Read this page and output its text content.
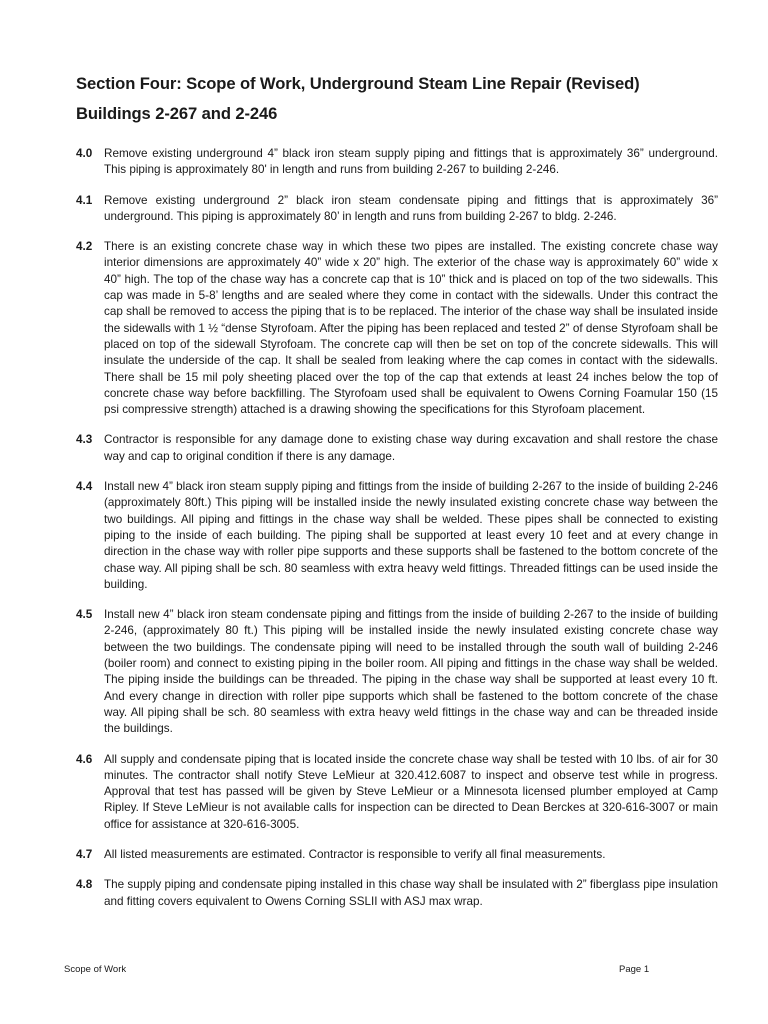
Section Four: Scope of Work, Underground Steam Line Repair (Revised)
Buildings 2-267 and 2-246
4.0	Remove existing underground 4” black iron steam supply piping and fittings that is approximately 36” underground. This piping is approximately 80' in length and runs from building 2-267 to building 2-246.
4.1	Remove existing underground 2” black iron steam condensate piping and fittings that is approximately 36” underground. This piping is approximately 80’ in length and runs from building 2-267 to bldg. 2-246.
4.2	There is an existing concrete chase way in which these two pipes are installed. The existing concrete chase way interior dimensions are approximately 40” wide x 20” high. The exterior of the chase way is approximately 60” wide x 40” high. The top of the chase way has a concrete cap that is 10” thick and is placed on top of the two sidewalls. This cap was made in 5-8’ lengths and are sealed where they come in contact with the sidewalls. Under this contract the cap shall be removed to access the piping that is to be replaced. The interior of the chase way shall be insulated inside the sidewalls with 1 ½ “dense Styrofoam. After the piping has been replaced and tested 2” of dense Styrofoam shall be placed on top of the sidewall Styrofoam. The concrete cap will then be set on top of the concrete sidewalls. This will insulate the underside of the cap. It shall be sealed from leaking where the cap comes in contact with the sidewalls. There shall be 15 mil poly sheeting placed over the top of the cap that extends at least 24 inches below the top of concrete chase way before backfilling. The Styrofoam used shall be equivalent to Owens Corning Foamular 150 (15 psi compressive strength) attached is a drawing showing the specifications for this Styrofoam placement.
4.3	Contractor is responsible for any damage done to existing chase way during excavation and shall restore the chase way and cap to original condition if there is any damage.
4.4	Install new 4” black iron steam supply piping and fittings from the inside of building 2-267 to the inside of building 2-246 (approximately 80ft.) This piping will be installed inside the newly insulated existing concrete chase way between the two buildings. All piping and fittings in the chase way shall be welded. These pipes shall be connected to existing piping to the inside of each building. The piping shall be supported at least every 10 feet and at every change in direction in the chase way with roller pipe supports and these supports shall be fastened to the bottom concrete of the chase way. All piping shall be sch. 80 seamless with extra heavy weld fittings. Threaded fittings can be used inside the building.
4.5	Install new 4” black iron steam condensate piping and fittings from the inside of building 2-267 to the inside of building 2-246, (approximately 80 ft.) This piping will be installed inside the newly insulated existing concrete chase way between the two buildings. The condensate piping will need to be installed through the south wall of building 2-246 (boiler room) and connect to existing piping in the boiler room. All piping and fittings in the chase way shall be welded. The piping inside the buildings can be threaded. The piping in the chase way shall be supported at least every 10 ft. And every change in direction with roller pipe supports which shall be fastened to the bottom concrete of the chase way. All piping shall be sch. 80 seamless with extra heavy weld fittings in the chase way and can be threaded inside the buildings.
4.6	All supply and condensate piping that is located inside the concrete chase way shall be tested with 10 lbs. of air for 30 minutes. The contractor shall notify Steve LeMieur at 320.412.6087 to inspect and observe test while in progress. Approval that test has passed will be given by Steve LeMieur or a Minnesota licensed plumber employed at Camp Ripley. If Steve LeMieur is not available calls for inspection can be directed to Dean Berckes at 320-616-3007 or main office for assistance at 320-616-3005.
4.7	All listed measurements are estimated. Contractor is responsible to verify all final measurements.
4.8	The supply piping and condensate piping installed in this chase way shall be insulated with 2” fiberglass pipe insulation and fitting covers equivalent to Owens Corning SSLII with ASJ max wrap.
Scope of Work	Page 1
